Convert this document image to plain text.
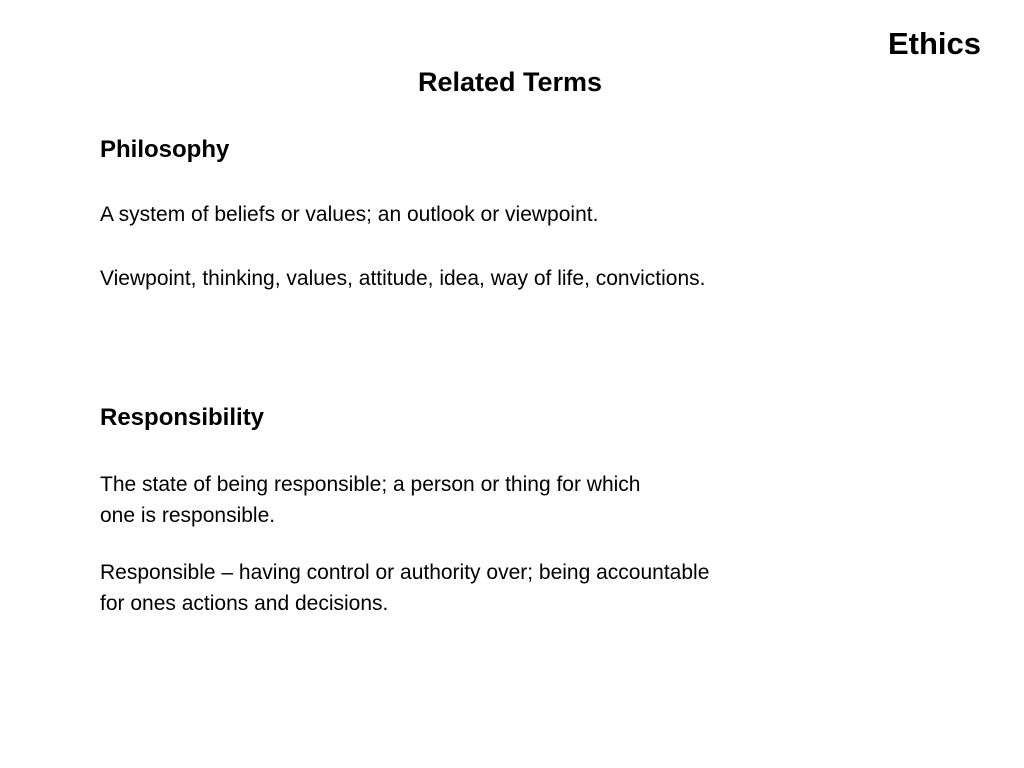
Ethics
Related Terms
Philosophy

A system of beliefs or values; an outlook or viewpoint.

Viewpoint, thinking, values, attitude, idea, way of life, convictions.

Responsibility

The state of being responsible; a person or thing for which
one is responsible.

Responsible – having control or authority over; being accountable
for ones actions and decisions.
